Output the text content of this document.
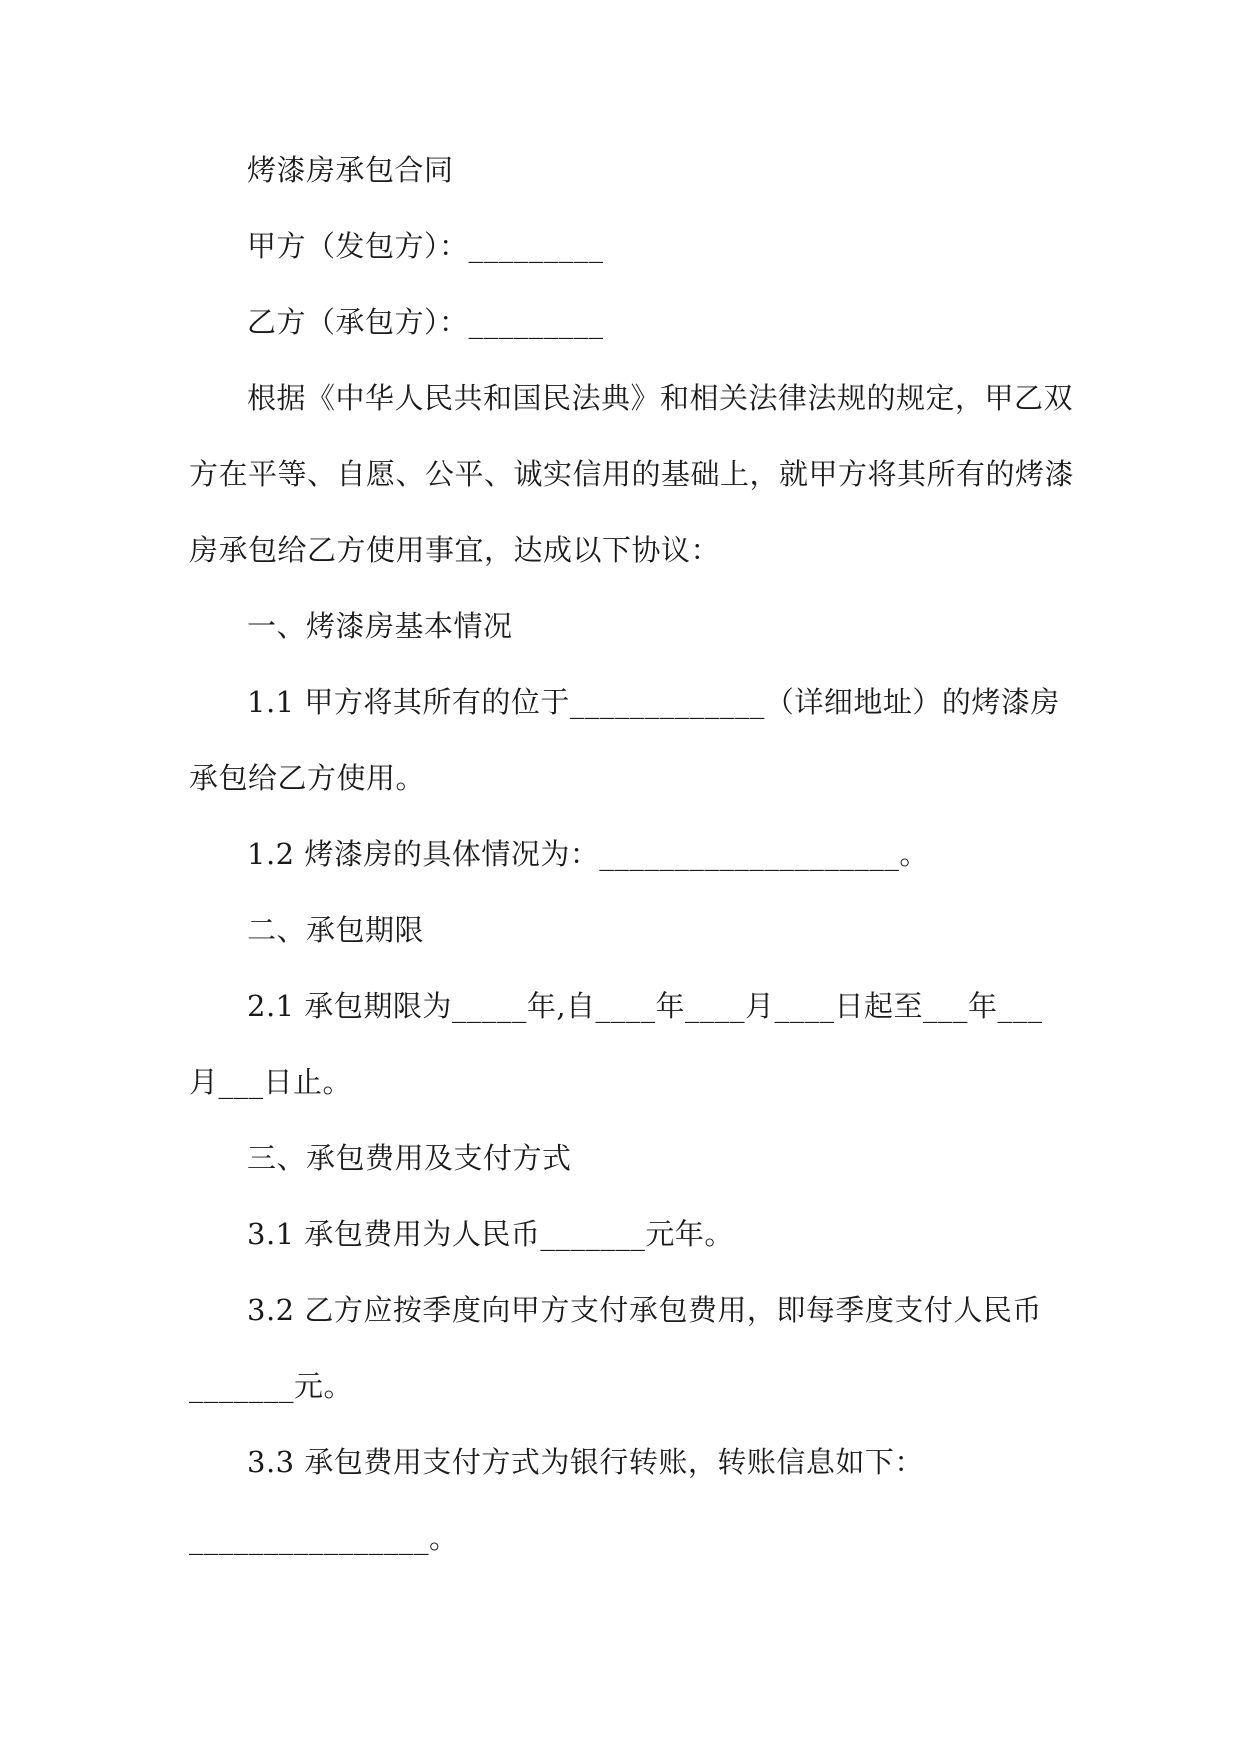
烤漆房承包合同
甲方（发包方）：_________
乙方（承包方）：_________
根据《中华人民共和国民法典》和相关法律法规的规定，甲乙双
方在平等、自愿、公平、诚实信用的基础上，就甲方将其所有的烤漆
房承包给乙方使用事宜，达成以下协议：
一、烤漆房基本情况
1.1 甲方将其所有的位于_____________（详细地址）的烤漆房
承包给乙方使用。
1.2 烤漆房的具体情况为：____________________。
二、承包期限
2.1 承包期限为_____年,自____年____月____日起至___年___
月___日止。
三、承包费用及支付方式
3.1 承包费用为人民币_______元年。
3.2 乙方应按季度向甲方支付承包费用，即每季度支付人民币
_______元。
3.3 承包费用支付方式为银行转账，转账信息如下：
________________。
